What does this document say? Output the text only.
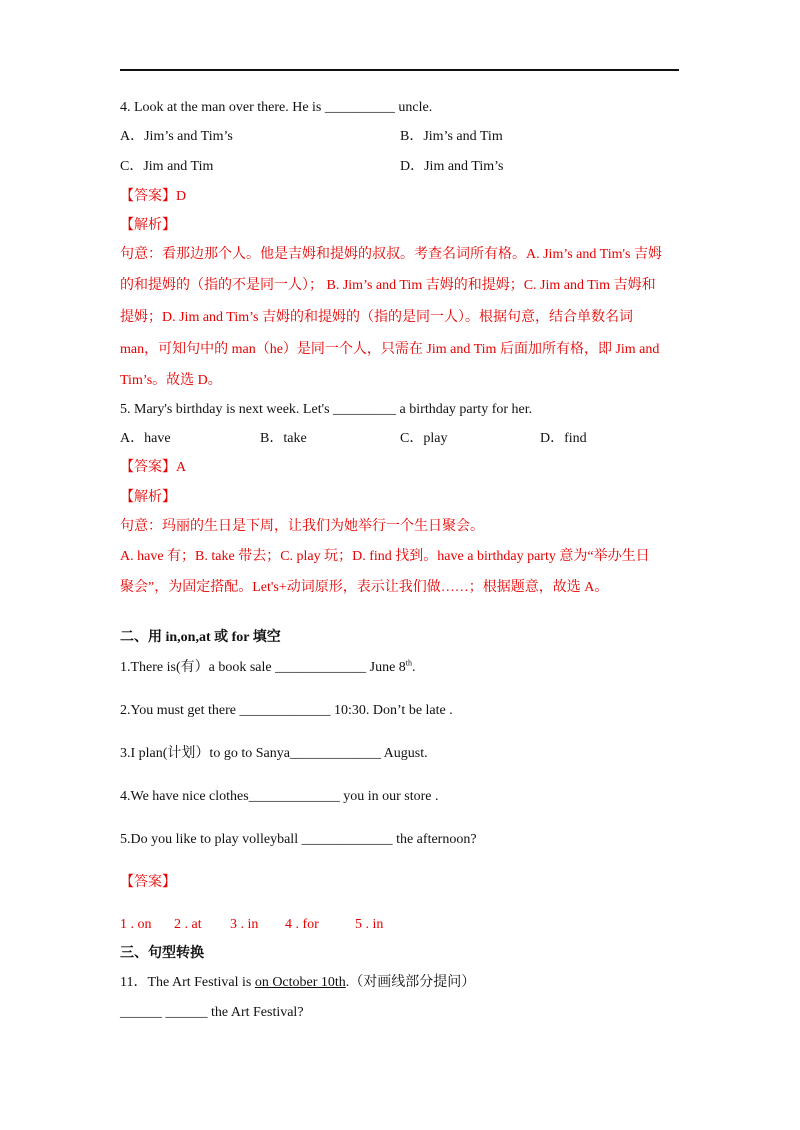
4. Look at the man over there. He is __________ uncle.
A．Jim’s and Tim’s	B．Jim’s and Tim
C．Jim and Tim	D．Jim and Tim’s
【答案】D
【解析】
句意：看那边那个人。他是吉姆和提姆的叔叔。考查名词所有格。A. Jim’s and Tim's 吉姆
的和提姆的（指的不是同一人）； B. Jim’s and Tim 吉姆的和提姆；C. Jim and Tim 吉姆和
提姆；D. Jim and Tim’s 吉姆的和提姆的（指的是同一人）。根据句意，结合单数名词
man，可知句中的 man（he）是同一个人，只需在 Jim and Tim 后面加所有格，即 Jim and
Tim’s。故选 D。
5. Mary's birthday is next week. Let's _________ a birthday party for her.
A．have	B．take	C．play	D．find
【答案】A
【解析】
句意：玛丽的生日是下周，让我们为她举行一个生日聚会。
A. have 有；B. take 带去；C. play 玩；D. find 找到。have a birthday party 意为“举办生日
聚会”，为固定搭配。Let's+动词原形，表示让我们做……；根据题意，故选 A。
二、用 in,on,at 或 for 填空
1.There is(有）a book sale _____________ June 8th.
2.You must get there _____________ 10:30. Don’t be late .
3.I plan(计划）to go to Sanya_____________ August.
4.We have nice clothes_____________ you in our store .
5.Do you like to play volleyball _____________ the afternoon?
【答案】
1 . on 2 . at 3 . in 4 . for	5 . in
三、句型转换
11．The Art Festival is on October 10th.（对画线部分提问）
______ ______ the Art Festival?
